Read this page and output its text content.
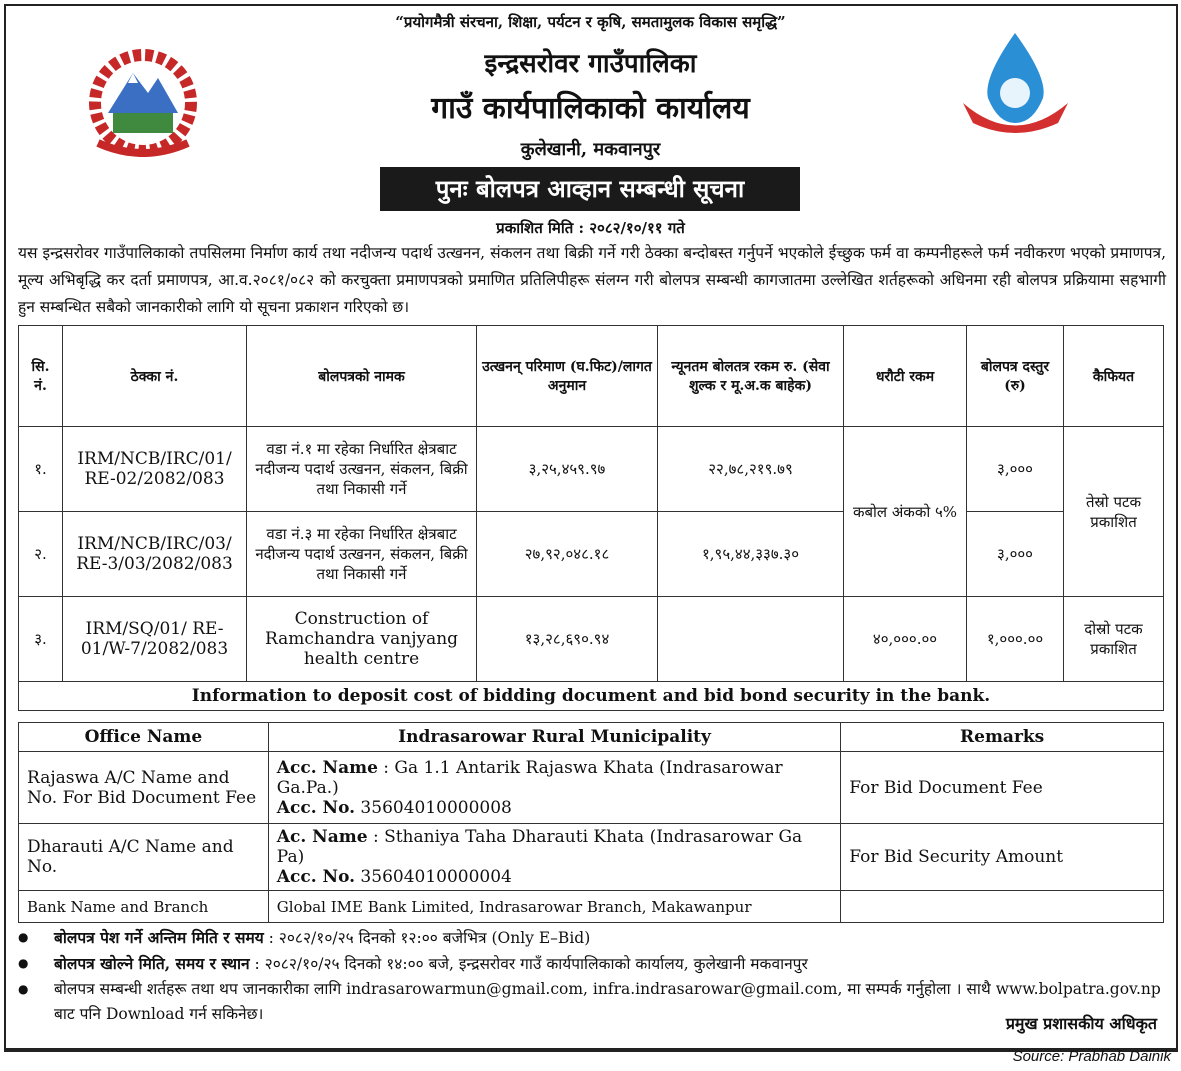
“प्रयोगमैत्री संरचना, शिक्षा, पर्यटन र कृषि, समतामुलक विकास समृद्धि”
इन्द्रसरोवर गाउँपालिका
गाउँ कार्यपालिकाको कार्यालय
कुलेखानी, मकवानपुर
पुनः बोलपत्र आव्हान सम्बन्धी सूचना
प्रकाशित मिति : २०८२/१०/११ गते
यस इन्द्रसरोवर गाउँपालिकाको तपसिलमा निर्माण कार्य तथा नदीजन्य पदार्थ उत्खनन, संकलन तथा बिक्री गर्ने गरी ठेक्का बन्दोबस्त गर्नुपर्ने भएकोले ईच्छुक फर्म वा कम्पनीहरूले फर्म नवीकरण भएको प्रमाणपत्र, मूल्य अभिबृद्धि कर दर्ता प्रमाणपत्र, आ.व.२०८१/०८२ को करचुक्ता प्रमाणपत्रको प्रमाणित प्रतिलिपीहरू संलग्न गरी बोलपत्र सम्बन्धी कागजातमा उल्लेखित शर्तहरूको अधिनमा रही बोलपत्र प्रक्रियामा सहभागी हुन सम्बन्धित सबैको जानकारीको लागि यो सूचना प्रकाशन गरिएको छ।
सि. नं.	ठेक्का नं.	बोलपत्रको नामक	उत्खनन् परिमाण (घ.फिट)/लागत अनुमान	न्यूनतम बोलतत्र रकम रु. (सेवा शुल्क र मू.अ.क बाहेक)	धरौटी रकम	बोलपत्र दस्तुर (रु)	कैफियत
१.	IRM/NCB/IRC/01/ RE-02/2082/083	वडा नं.१ मा रहेका निर्धारित क्षेत्रबाट नदीजन्य पदार्थ उत्खनन, संकलन, बिक्री तथा निकासी गर्ने	३,२५,४५९.९७	२२,७८,२१९.७९	कबोल अंकको ५%	३,०००	तेस्रो पटक प्रकाशित
२.	IRM/NCB/IRC/03/ RE-3/03/2082/083	वडा नं.३ मा रहेका निर्धारित क्षेत्रबाट नदीजन्य पदार्थ उत्खनन, संकलन, बिक्री तथा निकासी गर्ने	२७,९२,०४८.१८	१,९५,४४,३३७.३०		३,०००	
३.	IRM/SQ/01/ RE-01/W-7/2082/083	Construction of Ramchandra vanjyang health centre	१३,२८,६९०.९४		४०,०००.००	१,०००.००	दोस्रो पटक प्रकाशित
Information to deposit cost of bidding document and bid bond security in the bank.							
Office Name	Indrasarowar Rural Municipality	Remarks
Rajaswa A/C Name and No. For Bid Document Fee	Acc. Name : Ga 1.1 Antarik Rajaswa Khata (Indrasarowar Ga.Pa.)
Acc. No. 35604010000008	For Bid Document Fee
Dharauti A/C Name and No.	Ac. Name : Sthaniya Taha Dharauti Khata (Indrasarowar Ga Pa)
Acc. No. 35604010000004	For Bid Security Amount
Bank Name and Branch	Global IME Bank Limited, Indrasarowar Branch, Makawanpur	
● बोलपत्र पेश गर्ने अन्तिम मिति र समय : २०८२/१०/२५ दिनको १२:०० बजेभित्र (Only E–Bid)
● बोलपत्र खोल्ने मिति, समय र स्थान : २०८२/१०/२५ दिनको १४:०० बजे, इन्द्रसरोवर गाउँ कार्यपालिकाको कार्यालय, कुलेखानी मकवानपुर
● बोलपत्र सम्बन्धी शर्तहरू तथा थप जानकारीका लागि indrasarowarmun@gmail.com, infra.indrasarowar@gmail.com, मा सम्पर्क गर्नुहोला । साथै www.bolpatra.gov.np बाट पनि Download गर्न सकिनेछ।	प्रमुख प्रशासकीय अधिकृत
Source: Prabhab Dainik
